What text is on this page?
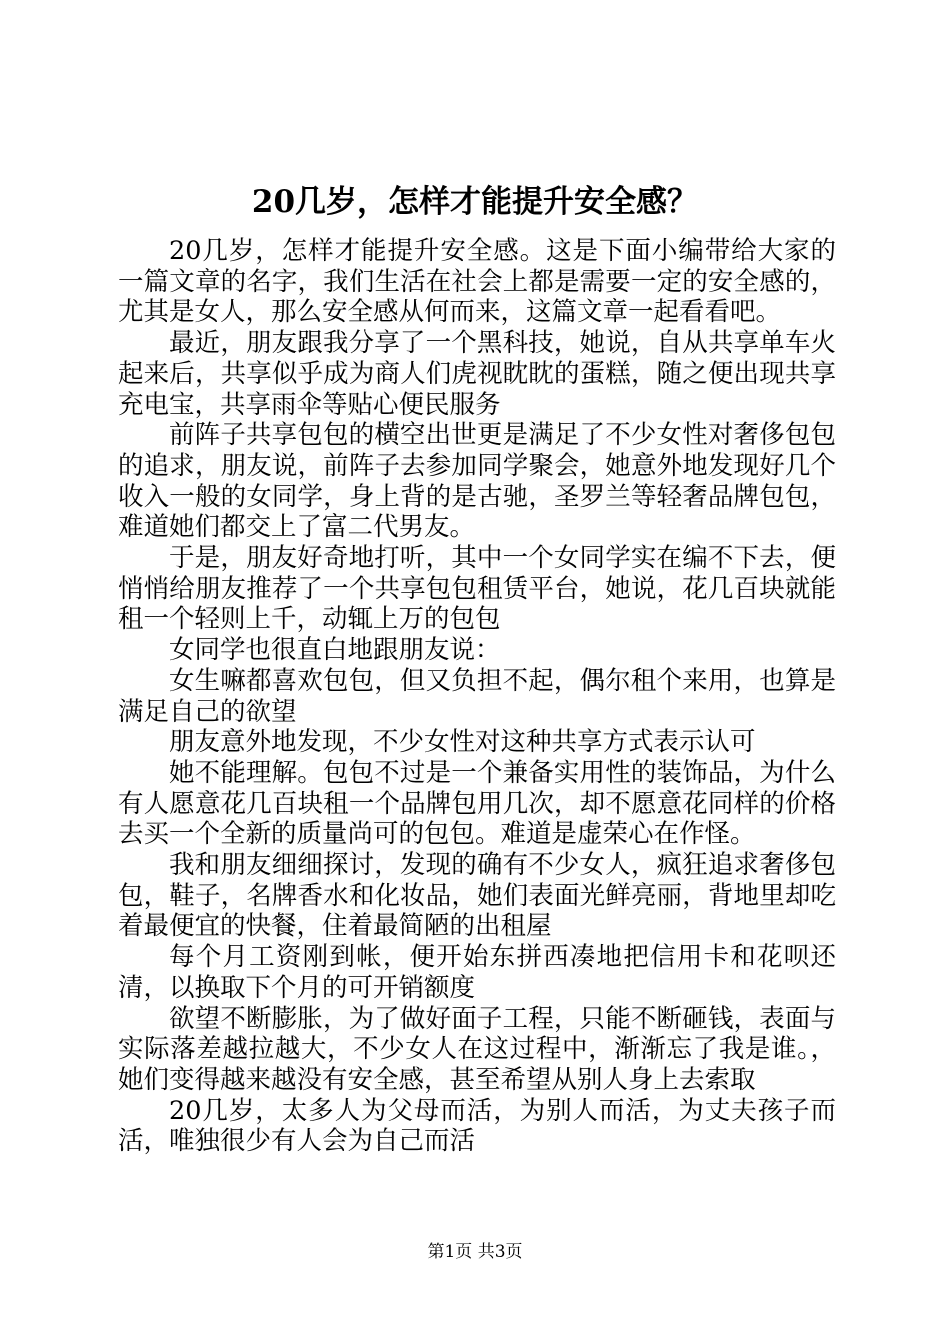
20几岁，怎样才能提升安全感？

20几岁，怎样才能提升安全感。这是下面小编带给大家的一篇文章的名字，我们生活在社会上都是需要一定的安全感的，尤其是女人，那么安全感从何而来，这篇文章一起看看吧。

最近，朋友跟我分享了一个黑科技，她说，自从共享单车火起来后，共享似乎成为商人们虎视眈眈的蛋糕，随之便出现共享充电宝，共享雨伞等贴心便民服务

前阵子共享包包的横空出世更是满足了不少女性对奢侈包包的追求，朋友说，前阵子去参加同学聚会，她意外地发现好几个收入一般的女同学，身上背的是古驰，圣罗兰等轻奢品牌包包，难道她们都交上了富二代男友。

于是，朋友好奇地打听，其中一个女同学实在编不下去，便悄悄给朋友推荐了一个共享包包租赁平台，她说，花几百块就能租一个轻则上千，动辄上万的包包

女同学也很直白地跟朋友说：

女生嘛都喜欢包包，但又负担不起，偶尔租个来用，也算是满足自己的欲望

朋友意外地发现，不少女性对这种共享方式表示认可

她不能理解。包包不过是一个兼备实用性的装饰品，为什么有人愿意花几百块租一个品牌包用几次，却不愿意花同样的价格去买一个全新的质量尚可的包包。难道是虚荣心在作怪。

我和朋友细细探讨，发现的确有不少女人，疯狂追求奢侈包包，鞋子，名牌香水和化妆品，她们表面光鲜亮丽，背地里却吃着最便宜的快餐，住着最简陋的出租屋

每个月工资刚到帐，便开始东拼西凑地把信用卡和花呗还清，以换取下个月的可开销额度

欲望不断膨胀，为了做好面子工程，只能不断砸钱，表面与实际落差越拉越大，不少女人在这过程中，渐渐忘了我是谁。，她们变得越来越没有安全感，甚至希望从别人身上去索取

20几岁，太多人为父母而活，为别人而活，为丈夫孩子而活，唯独很少有人会为自己而活

第1页 共3页
